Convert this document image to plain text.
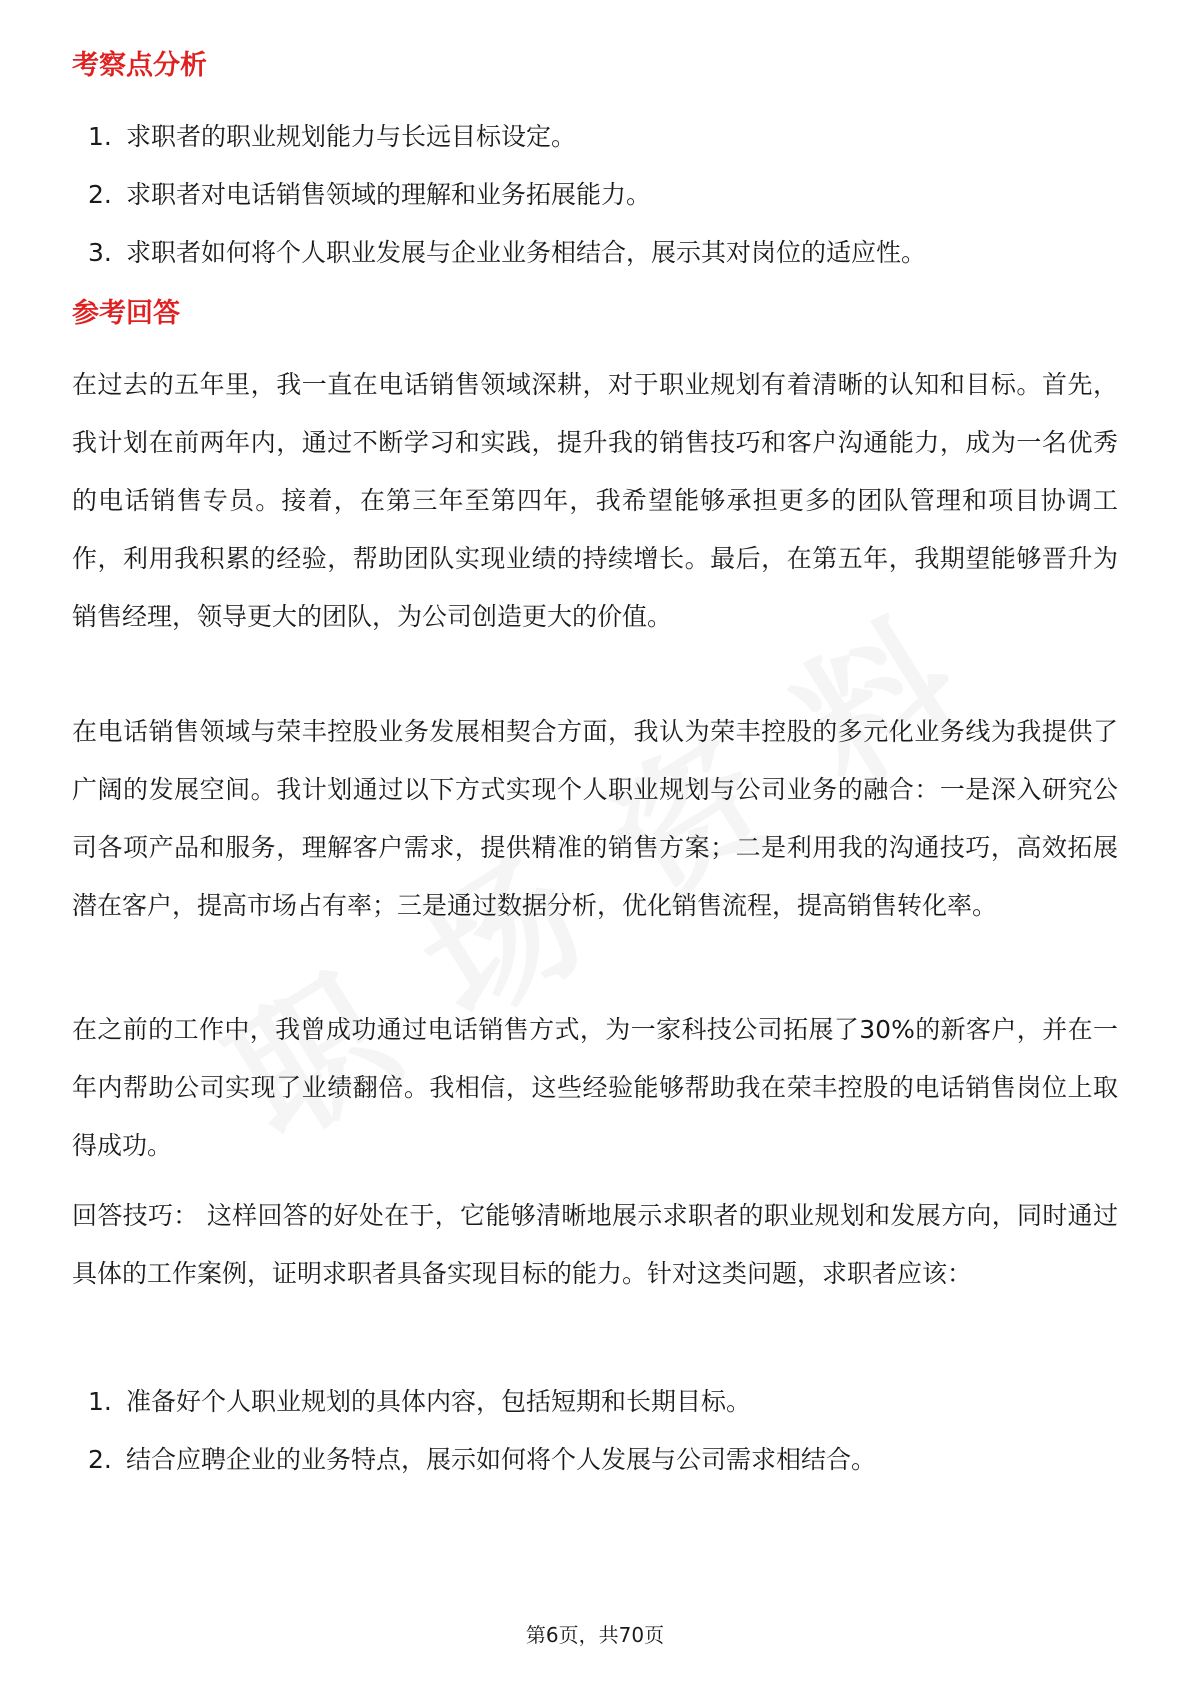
考察点分析
1. 求职者的职业规划能力与长远目标设定。
2. 求职者对电话销售领域的理解和业务拓展能力。
3. 求职者如何将个人职业发展与企业业务相结合，展示其对岗位的适应性。
参考回答

在过去的五年里，我一直在电话销售领域深耕，对于职业规划有着清晰的认知和目标。首先，我计划在前两年内，通过不断学习和实践，提升我的销售技巧和客户沟通能力，成为一名优秀的电话销售专员。接着，在第三年至第四年，我希望能够承担更多的团队管理和项目协调工作，利用我积累的经验，帮助团队实现业绩的持续增长。最后，在第五年，我期望能够晋升为销售经理，领导更大的团队，为公司创造更大的价值。

在电话销售领域与荣丰控股业务发展相契合方面，我认为荣丰控股的多元化业务线为我提供了广阔的发展空间。我计划通过以下方式实现个人职业规划与公司业务的融合：一是深入研究公司各项产品和服务，理解客户需求，提供精准的销售方案；二是利用我的沟通技巧，高效拓展潜在客户，提高市场占有率；三是通过数据分析，优化销售流程，提高销售转化率。

在之前的工作中，我曾成功通过电话销售方式，为一家科技公司拓展了30%的新客户，并在一年内帮助公司实现了业绩翻倍。我相信，这些经验能够帮助我在荣丰控股的电话销售岗位上取得成功。

回答技巧： 这样回答的好处在于，它能够清晰地展示求职者的职业规划和发展方向，同时通过具体的工作案例，证明求职者具备实现目标的能力。针对这类问题，求职者应该：

1. 准备好个人职业规划的具体内容，包括短期和长期目标。
2. 结合应聘企业的业务特点，展示如何将个人发展与公司需求相结合。
第6页，共70页
